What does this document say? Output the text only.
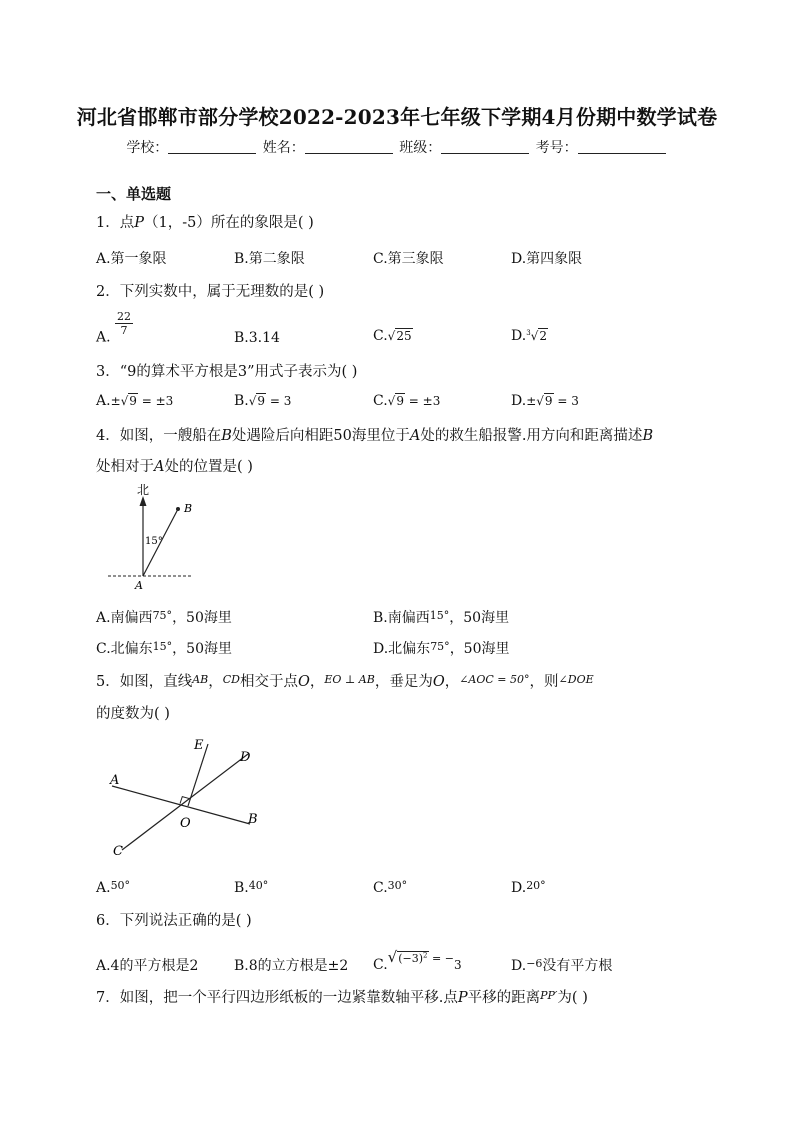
河北省邯郸市部分学校2022-2023年七年级下学期4月份期中数学试卷
学校：	姓名：	班级：	考号：
一、单选题
1．点P（1，-5）所在的象限是( )
A.第一象限	B.第二象限	C.第三象限	D.第四象限
2．下列实数中，属于无理数的是( )
A.
$\frac{22}{7}$
B.3.14	C.√25	D.$^3$√2
3．“9的算术平方根是3”用式子表示为( )
A.±√9 = ±3	B.√9 = 3	C.√9 = ±3	D.±√9 = 3
4．如图，一艘船在B处遇险后向相距50海里位于A处的救生船报警.用方向和距离描述B
处相对于A处的位置是( )
北
B
15°
A
A.南偏西$^{75^\circ}$，50海里	B.南偏西$^{15^\circ}$，50海里
C.北偏东$^{15^\circ}$，50海里	D.北偏东$^{75^\circ}$，50海里
5．如图，直线$^{AB}$，$^{CD}$相交于点O，$^{EO \perp AB}$，垂足为O，$^{\angle AOC = 50^\circ}$，则$^{\angle DOE}$
的度数为( )
A
B
C
D
E
O
A.$^{50^\circ}$	B.$^{40^\circ}$	C.$^{30^\circ}$	D.$^{20^\circ}$
6．下列说法正确的是( )
A.4的平方根是2	B.8的立方根是±2 $C.√(-3)^2 = -3$	D.$^{-6}$没有平方根
7．如图，把一个平行四边形纸板的一边紧靠数轴平移.点P平移的距离$^{PP'}$为( )
